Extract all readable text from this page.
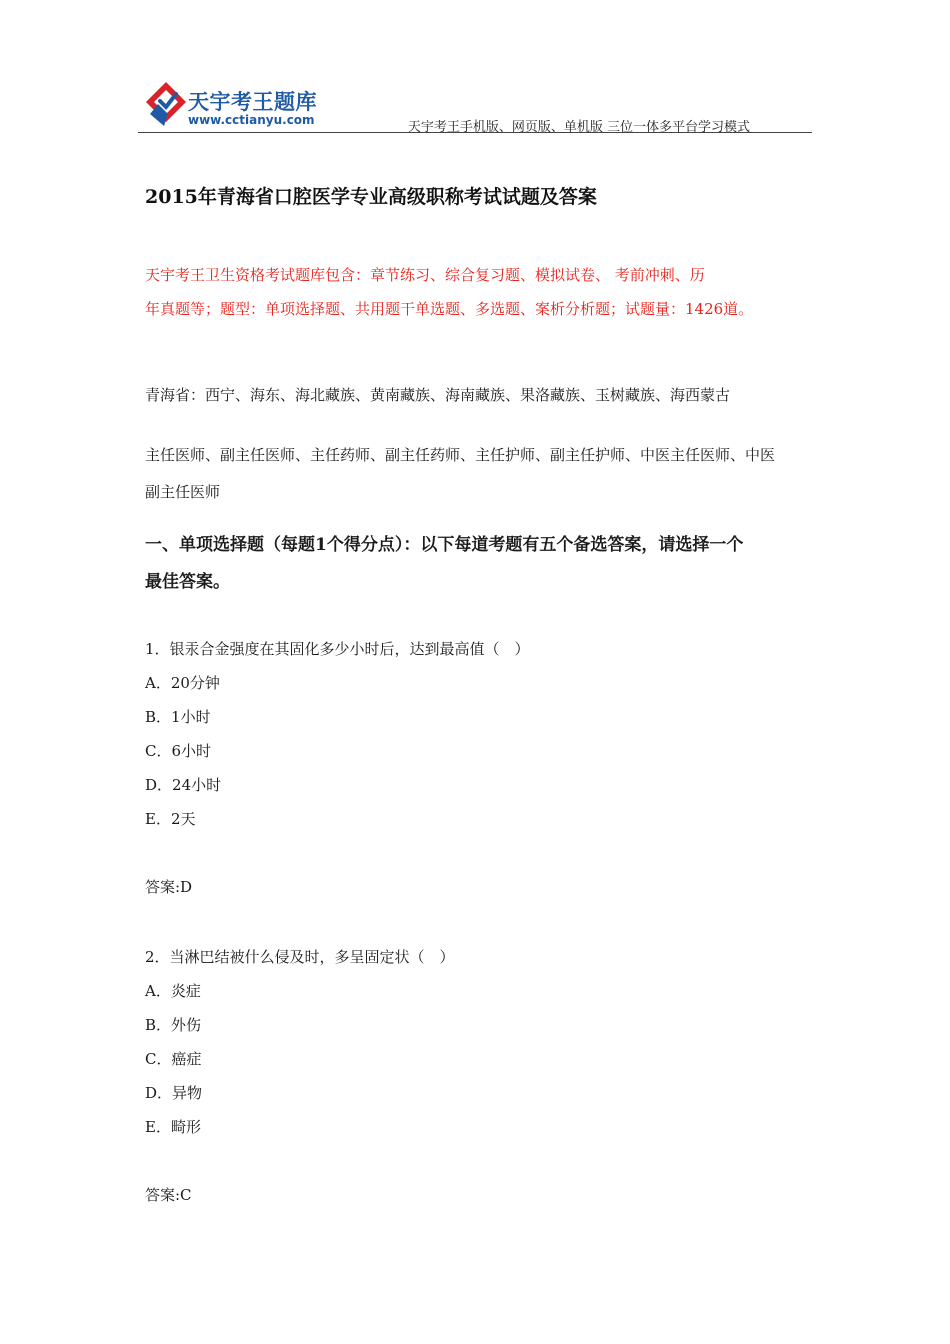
天宇考王题库
www.cctianyu.com	天宇考王手机版、网页版、单机版 三位一体多平台学习模式
2015年青海省口腔医学专业高级职称考试试题及答案
天宇考王卫生资格考试题库包含：章节练习、综合复习题、模拟试卷、 考前冲刺、历
年真题等；题型：单项选择题、共用题干单选题、多选题、案析分析题；试题量：1426道。
青海省：西宁、海东、海北藏族、黄南藏族、海南藏族、果洛藏族、玉树藏族、海西蒙古
主任医师、副主任医师、主任药师、副主任药师、主任护师、副主任护师、中医主任医师、中医
副主任医师
一、单项选择题（每题1个得分点）：以下每道考题有五个备选答案，请选择一个
最佳答案。
1．银汞合金强度在其固化多少小时后，达到最高值（　）
A．20分钟
B．1小时
C．6小时
D．24小时
E．2天
答案:D
2．当淋巴结被什么侵及时，多呈固定状（　）
A．炎症
B．外伤
C．癌症
D．异物
E．畸形
答案:C
